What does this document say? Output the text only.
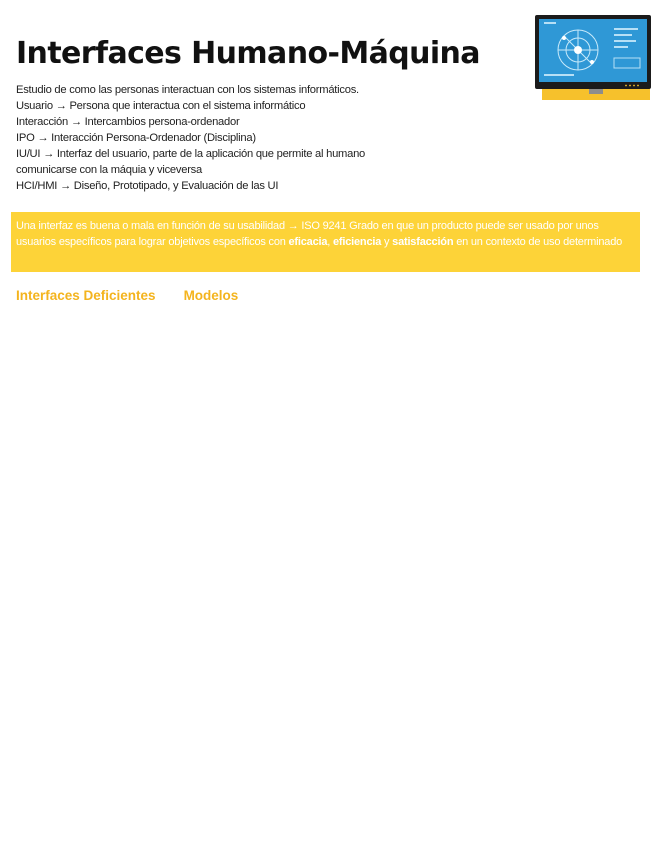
Interfaces Humano-Máquina

Estudio de como las personas interactuan con los sistemas informáticos.

Usuario → Persona que interactua con el sistema informático

Interacción → Intercambios persona-ordenador

IPO → Interacción Persona-Ordenador (Disciplina)

IU/UI → Interfaz del usuario, parte de la aplicación que permite al humano

comunicarse con la máquia y viceversa

HCI/HMI → Diseño, Prototipado, y Evaluación de las UI

Una interfaz es buena o mala en función de su usabilidad → ISO 9241 Grado en que un producto puede ser usado por unos usuarios específicos para lograr objetivos específicos con eficacia, eficiencia y satisfacción en un contexto de uso determinado
Interfaces Deficientes Modelos
